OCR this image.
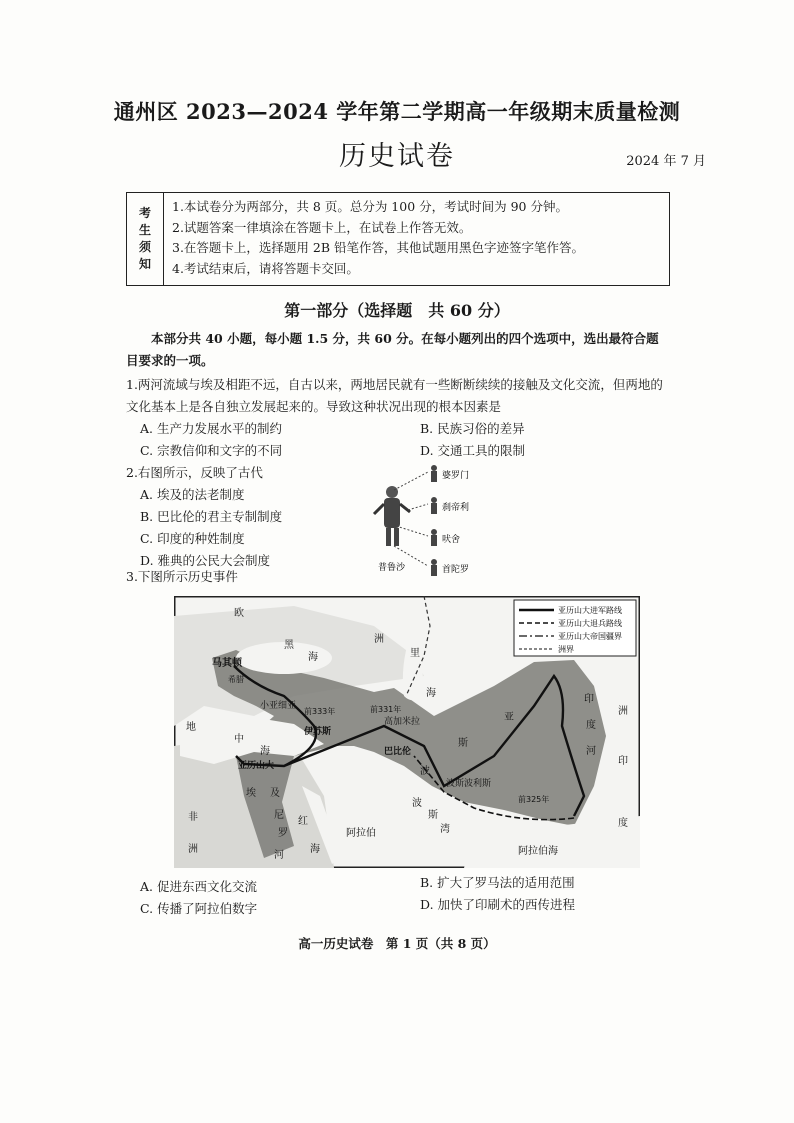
通州区 2023—2024 学年第二学期高一年级期末质量检测
历史试卷	2024 年 7 月
考
生
须
知
1.本试卷分为两部分，共 8 页。总分为 100 分，考试时间为 90 分钟。
2.试题答案一律填涂在答题卡上，在试卷上作答无效。
3.在答题卡上，选择题用 2B 铅笔作答，其他试题用黑色字迹签字笔作答。
4.考试结束后，请将答题卡交回。
第一部分（选择题　共 60 分）
本部分共 40 小题，每小题 1.5 分，共 60 分。在每小题列出的四个选项中，选出最符合题目要求的一项。
1.两河流域与埃及相距不远，自古以来，两地居民就有一些断断续续的接触及文化交流，但两地的文化基本上是各自独立发展起来的。导致这种状况出现的根本因素是
A. 生产力发展水平的制约	B. 民族习俗的差异
C. 宗教信仰和文字的不同	D. 交通工具的限制
2.右图所示，反映了古代
A. 埃及的法老制度
B. 巴比伦的君主专制制度
C. 印度的种姓制度
D. 雅典的公民大会制度
婆罗门
刹帝利
吠舍
首陀罗
普鲁沙
3.下图所示历史事件
亚历山大进军路线
亚历山大退兵路线
亚历山大帝国疆界
洲界
欧
洲
黑
海	里
海
马其顿
希腊
小亚细亚
地
中
海
前333年
伊苏斯
前331年
高加米拉
巴比伦
波
斯
波斯波利斯
亚
印
度
河
洲
印
度
前325年
亚历山大
埃 及
尼
罗
河
红
海
波
斯
湾
阿拉伯
阿拉伯海
非
洲
A. 促进东西文化交流	B. 扩大了罗马法的适用范围
C. 传播了阿拉伯数字	D. 加快了印刷术的西传进程
高一历史试卷　第 1 页（共 8 页）
